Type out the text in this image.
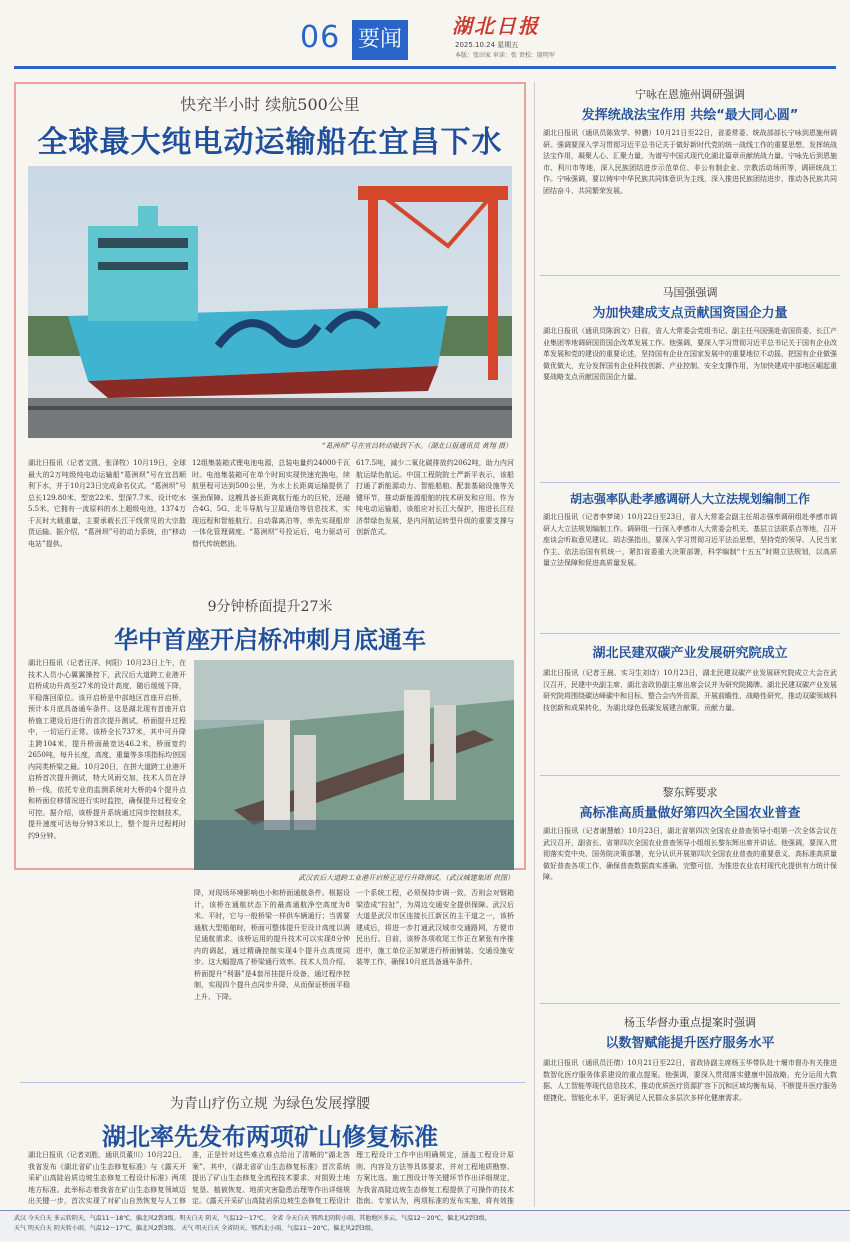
06 要闻
湖北日报
2025.10.24 星期五
本版：张田家 审读：张 责校：殷明军
快充半小时 续航500公里
全球最大纯电动运输船在宜昌下水
“葛洲坝”号在宜昌转动吸到下水。（湖北日报通讯员 黄翔 摄）
湖北日报讯（记者文凯、张泽牧）10月19日，全球最大的2万吨级纯电动运输船“葛洲坝”号在宜昌顺利下水，并于10月23日完成命名仪式。“葛洲坝”号总长129.80米、型宽22米、型深7.7米、设计吃水5.5米。它拥有一流原料的水上超级电池，1374万千瓦时大载重量，主要承载长江干线常见的大宗散货运输。据介绍，“葛洲坝”号的动力系统，由“移动电站”提供。
12组集装箱式锂电池电源，总装电量约24000千瓦时。电池集装箱可在单个时间实现快速充换电，续航里程可达到500公里，为水上长距离运输提供了强劲保障。这艘具备长距离航行能力的巨轮，还融合4G、5G、北斗导航与卫星通信等信息技术，实现远程和智能航行、自动靠离泊等，率先实现船岸一体化管理调度。“葛洲坝”号投运后，电力驱动可替代传统燃油。
617.5吨，减少二氧化碳排放约2062吨，助力内河航运绿色航运。中国工程院院士严新平表示，该船打通了新能源动力、智能船舶、配套基础设施等关键环节，推动新能源船舶的技术研发和应用。作为纯电动运输船，该船应对长江大保护，推进长江经济带绿色发展，是内河航运转型升级的重要支撑与创新范式。
9分钟桥面提升27米
华中首座开启桥冲刺月底通车
湖北日报讯（记者汪洋、何阳）10月23日上午，在技术人员小心翼翼操控下，武汉后大道跨工业港开启桥成功升高至27米的设计高度，随后缓缓下降，平稳落回原位。该开启桥是中部地区首座开启桥，预计本月底具备通车条件。这是湖北现有首座开启桥施工建设后进行的首次提升测试，桥面提升过程中，一切运行正常。该桥全长737米，其中可升降主跨104米，提升桥面最宽达46.2米，桥面宽约2650吨，每升长度，高度，重量等多项指标均创国内同类桥梁之最。10月20日，在拼大道跨工业港开启桥首次提升测试，特大风雨交加，技术人员在浮桥一线，依托专业的监测系统对大桥的4个提升点和桥面位移情况进行实时监控，确保提升过程安全可控。据介绍，该桥提升系统通过同步控制技术，提升速度可达每分钟3米以上，整个提升过程耗时约9分钟。
武汉农后大道跨工业港开启桥正进行升降测试。（武汉城建集团 供图）
降，对现场环境影响也小和桥面通航条件。根据设计，该桥在通航状态下的最高通航净空高度为8米。平时，它与一般桥梁一样供车辆通行；当需要通航大型船舶时，桥面可整体提升至设计高度以满足通航需求。该桥运用的提升技术可以实现8分钟内的调起，通过精确控制实现4个提升点高度同步。这大幅提高了桥梁通行效率。技术人员介绍，桥面提升“利器”是4套吊挂提升设备，通过程序控制，实现四个提升点同步升降，从而保证桥面平稳上升、下降。
一个系统工程，必须保持步调一致，否则会对钢箱梁造成“拉扯”，为周边交通安全提供保障。武汉后大道是武汉市区连接长江新区的主干道之一，该桥建成后，将进一步打通武汉城市交通路网，方便市民出行。目前，该桥各项收尾工作正在紧张有序推进中，施工单位正加紧进行桥面铺装、交通设施安装等工作，确保10月底具备通车条件。
为青山疗伤立规 为绿色发展撑腰
湖北率先发布两项矿山修复标准
湖北日报讯（记者刘胜、通讯员董川）10月22日，我省发布《湖北省矿山生态修复标准》与《露天开采矿山高陡岩质边坡生态修复工程设计标准》两项地方标准。此举标志着我省在矿山生态修复领域迈出关键一步，首次实现了对矿山自然恢复与人工修
准，正是针对这些难点难点给出了清晰的“湖北答案”。其中，《湖北省矿山生态修复标准》首次系统提出了矿山生态修复全流程技术要求，对损毁土地复垦、植被恢复、地质灾害隐患治理等作出详细规定。《露天开采矿山高陡岩质边坡生态修复工程设计
理工程设计工作中出明确规定，涵盖工程设计原则、内容及方法等具体要求，并对工程地质勘察、方案比选、施工图设计等关键环节作出详细规定，为我省高陡边坡生态修复工程提供了可操作的技术指南。专家认为，两项标准的发布实施，将有效推
宁咏在恩施州调研强调
发挥统战法宝作用 共绘“最大同心圆”
湖北日报讯（通讯员陈致学、钟鹏）10月21日至22日，省委常委、统战部部长宁咏到恩施州调研。强调要深入学习贯彻习近平总书记关于做好新时代党的统一战线工作的重要思想，发挥统战法宝作用，凝聚人心、汇聚力量，为谱写中国式现代化湖北篇章贡献统战力量。宁咏先后到恩施市、利川市等地，深入民族团结进步示范单位、非公有制企业、宗教活动场所等，调研统战工作。宁咏强调，要以铸牢中华民族共同体意识为主线，深入推进民族团结进步，推动各民族共同团结奋斗、共同繁荣发展。
马国强强调
为加快建成支点贡献国资国企力量
湖北日报讯（通讯员陈润文）日前，省人大常委会党组书记、副主任马国强赴省国资委、长江产业集团等地调研国资国企改革发展工作。他强调，要深入学习贯彻习近平总书记关于国有企业改革发展和党的建设的重要论述，坚持国有企业在国家发展中的重要地位不动摇，把国有企业做强做优做大，充分发挥国有企业科技创新、产业控制、安全支撑作用，为加快建成中部地区崛起重要战略支点贡献国资国企力量。
胡志强率队赴孝感调研人大立法规划编制工作
湖北日报讯（记者李梦琦）10月22日至23日，省人大常委会副主任胡志强率调研组赴孝感市调研人大立法规划编制工作。调研组一行深入孝感市人大常委会机关、基层立法联系点等地，召开座谈会听取意见建议。胡志强指出，要深入学习贯彻习近平法治思想，坚持党的领导、人民当家作主、依法治国有机统一，紧扣省委重大决策部署，科学编制“十五五”时期立法规划，以高质量立法保障和促进高质量发展。
湖北民建双碳产业发展研究院成立
湖北日报讯（记者王晨、实习生刘诗）10月23日，湖北民建双碳产业发展研究院成立大会在武汉召开，民建中央副主席、湖北省政协副主席出席会议并为研究院揭牌。湖北民建双碳产业发展研究院将围绕碳达峰碳中和目标，整合会内外资源，开展前瞻性、战略性研究，推动双碳领域科技创新和成果转化，为湖北绿色低碳发展建言献策、贡献力量。
黎东辉要求
高标准高质量做好第四次全国农业普查
湖北日报讯（记者谢慧敏）10月23日，湖北省第四次全国农业普查领导小组第一次全体会议在武汉召开，副省长、省第四次全国农业普查领导小组组长黎东辉出席并讲话。他强调，要深入贯彻落实党中央、国务院决策部署，充分认识开展第四次全国农业普查的重要意义，高标准高质量做好普查各项工作，确保普查数据真实准确、完整可信，为推进农业农村现代化提供有力统计保障。
杨玉华督办重点提案时强调
以数智赋能提升医疗服务水平
湖北日报讯（通讯员汪倩）10月21日至22日，省政协副主席杨玉华带队赴十堰市督办有关推进数智化医疗服务体系建设的重点提案。他强调，要深入贯彻落实健康中国战略，充分运用大数据、人工智能等现代信息技术，推动优质医疗资源扩容下沉和区域均衡布局，不断提升医疗服务便捷化、智能化水平，更好满足人民群众多层次多样化健康需求。
武汉 今天白天 多云转阴天，气温11～18℃，偏北风2到3级。明天白天 阴天，气温12～17℃。 全省 今天白天 鄂西北阴转小雨，其他地区多云，气温12～20℃，偏北风2到3级。
天气 明天白天 阴天转小雨，气温12～17℃，偏北风2到3级。 天气 明天白天 全省阴天，鄂西北小雨，气温11～20℃，偏北风2到3级。
